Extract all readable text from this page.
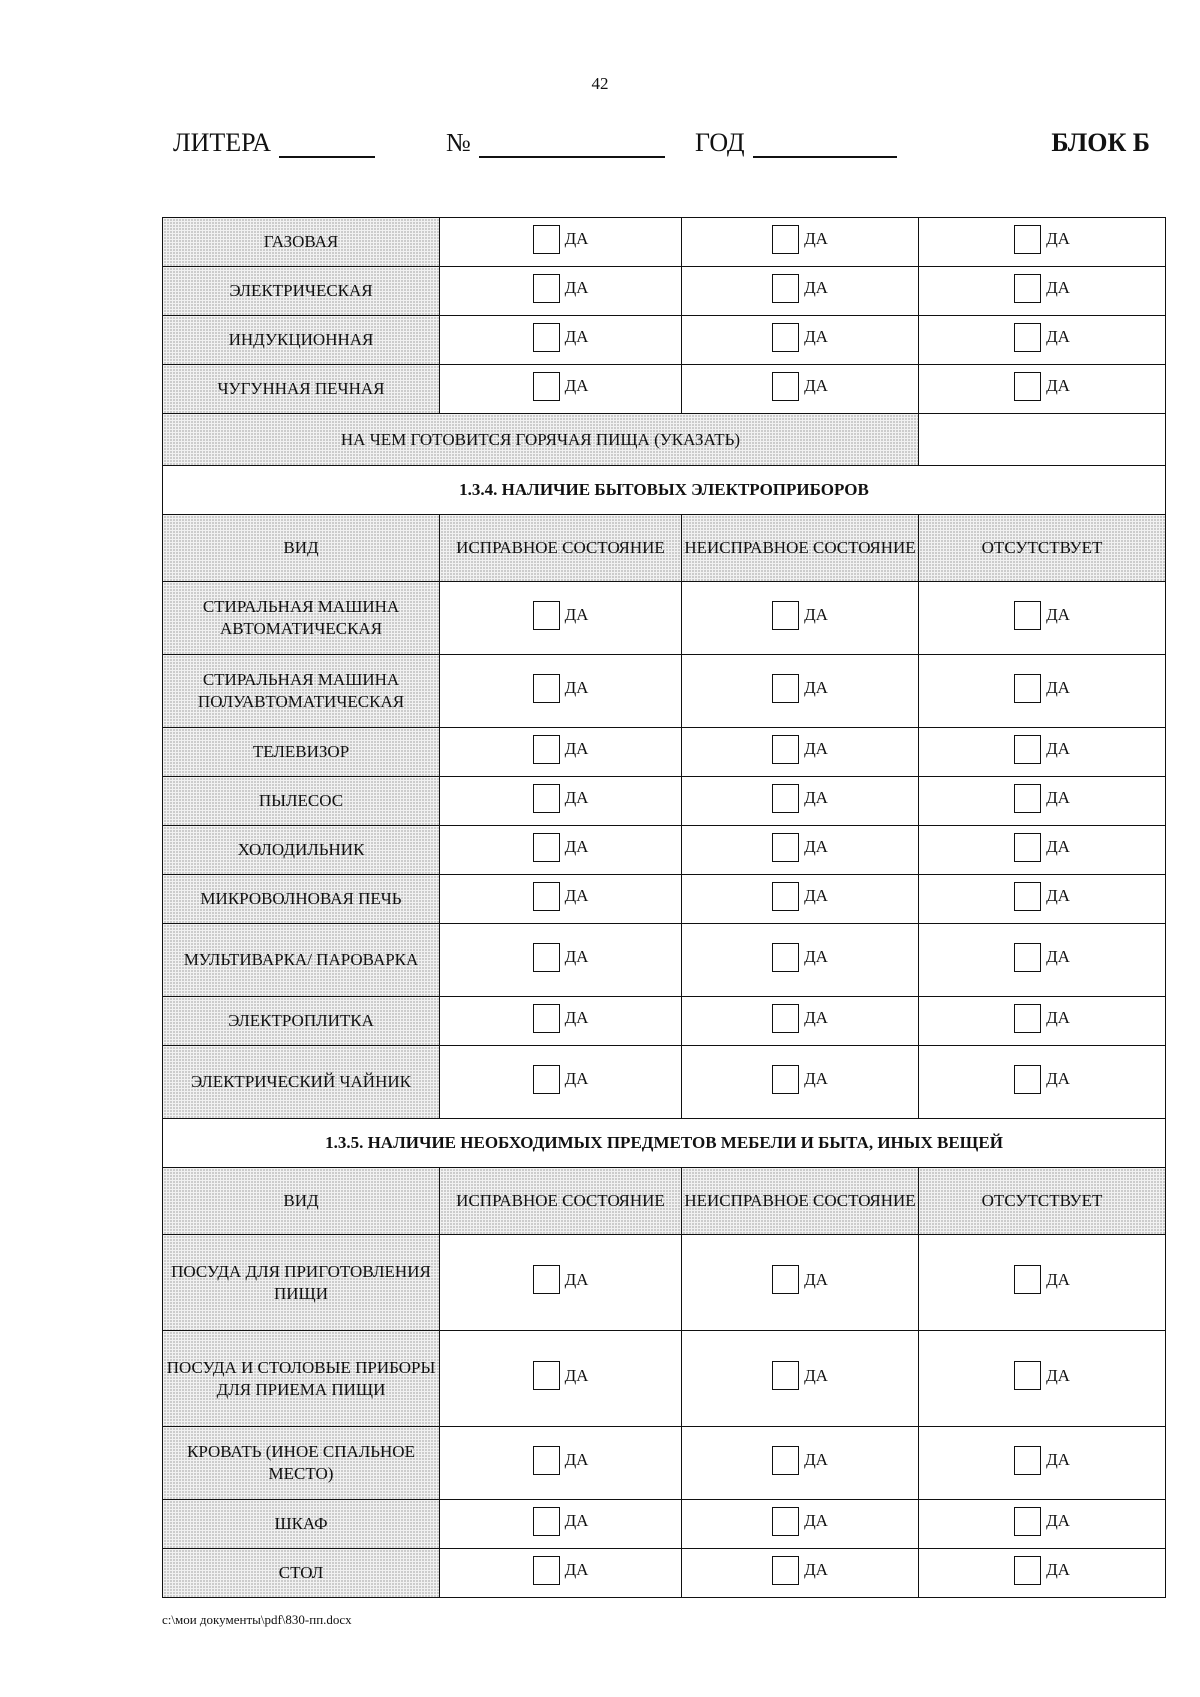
42
ЛИТЕРА	№	ГОД	БЛОК Б
ГАЗОВАЯ	ДА	ДА	ДА

ЭЛЕКТРИЧЕСКАЯ	ДА	ДА	ДА

ИНДУКЦИОННАЯ	ДА	ДА	ДА

ЧУГУННАЯ ПЕЧНАЯ	ДА	ДА	ДА

НА ЧЕМ ГОТОВИТСЯ ГОРЯЧАЯ ПИЩА (УКАЗАТЬ)			
1.3.4. НАЛИЧИЕ БЫТОВЫХ ЭЛЕКТРОПРИБОРОВ			
ВИД	ИСПРАВНОЕ СОСТОЯНИЕ	НЕИСПРАВНОЕ СОСТОЯНИЕ	ОТСУТСТВУЕТ
СТИРАЛЬНАЯ МАШИНА АВТОМАТИЧЕСКАЯ	ДА	ДА	ДА

СТИРАЛЬНАЯ МАШИНА ПОЛУАВТОМАТИЧЕСКАЯ	ДА	ДА	ДА

ТЕЛЕВИЗОР	ДА	ДА	ДА

ПЫЛЕСОС	ДА	ДА	ДА

ХОЛОДИЛЬНИК	ДА	ДА	ДА

МИКРОВОЛНОВАЯ ПЕЧЬ	ДА	ДА	ДА

МУЛЬТИВАРКА/ ПАРОВАРКА	ДА	ДА	ДА

ЭЛЕКТРОПЛИТКА	ДА	ДА	ДА

ЭЛЕКТРИЧЕСКИЙ ЧАЙНИК	ДА	ДА	ДА

1.3.5. НАЛИЧИЕ НЕОБХОДИМЫХ ПРЕДМЕТОВ МЕБЕЛИ И БЫТА, ИНЫХ ВЕЩЕЙ			
ВИД	ИСПРАВНОЕ СОСТОЯНИЕ	НЕИСПРАВНОЕ СОСТОЯНИЕ	ОТСУТСТВУЕТ
ПОСУДА ДЛЯ ПРИГОТОВЛЕНИЯ ПИЩИ	ДА	ДА	ДА

ПОСУДА И СТОЛОВЫЕ ПРИБОРЫ ДЛЯ ПРИЕМА ПИЩИ	ДА	ДА	ДА

КРОВАТЬ (ИНОЕ СПАЛЬНОЕ МЕСТО)	ДА	ДА	ДА

ШКАФ	ДА	ДА	ДА

СТОЛ	ДА	ДА	ДА
c:\мои документы\pdf\830-пп.docx
